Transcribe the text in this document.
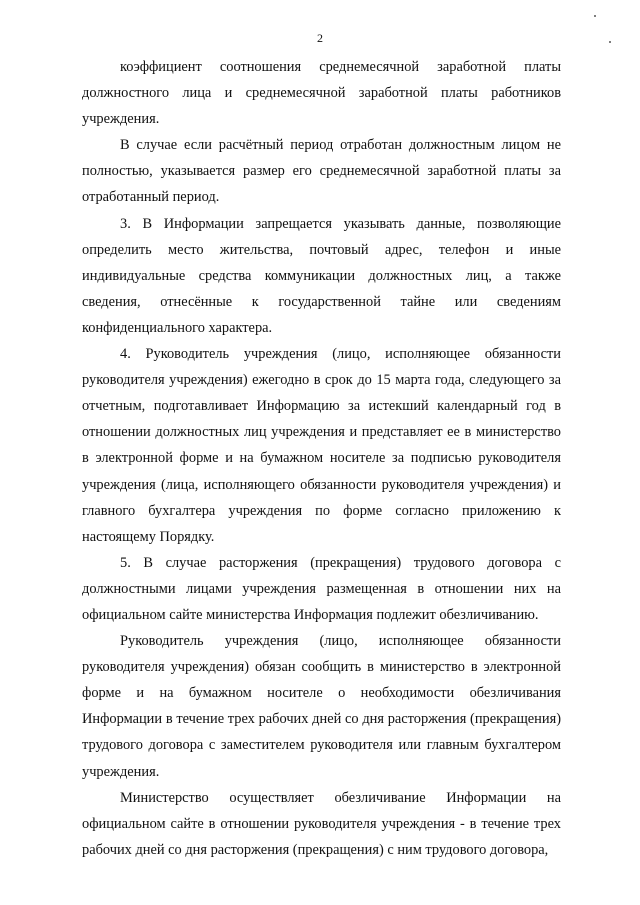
2

коэффициент соотношения среднемесячной заработной платы должностного лица и среднемесячной заработной платы работников учреждения.

В случае если расчётный период отработан должностным лицом не полностью, указывается размер его среднемесячной заработной платы за отработанный период.

3. В Информации запрещается указывать данные, позволяющие определить место жительства, почтовый адрес, телефон и иные индивидуальные средства коммуникации должностных лиц, а также сведения, отнесённые к государственной тайне или сведениям конфиденциального характера.

4. Руководитель учреждения (лицо, исполняющее обязанности руководителя учреждения) ежегодно в срок до 15 марта года, следующего за отчетным, подготавливает Информацию за истекший календарный год в отношении должностных лиц учреждения и представляет ее в министерство в электронной форме и на бумажном носителе за подписью руководителя учреждения (лица, исполняющего обязанности руководителя учреждения) и главного бухгалтера учреждения по форме согласно приложению к настоящему Порядку.

5. В случае расторжения (прекращения) трудового договора с должностными лицами учреждения размещенная в отношении них на официальном сайте министерства Информация подлежит обезличиванию.

Руководитель учреждения (лицо, исполняющее обязанности руководителя учреждения) обязан сообщить в министерство в электронной форме и на бумажном носителе о необходимости обезличивания Информации в течение трех рабочих дней со дня расторжения (прекращения) трудового договора с заместителем руководителя или главным бухгалтером учреждения.

Министерство осуществляет обезличивание Информации на официальном сайте в отношении руководителя учреждения - в течение трех рабочих дней со дня расторжения (прекращения) с ним трудового договора,
